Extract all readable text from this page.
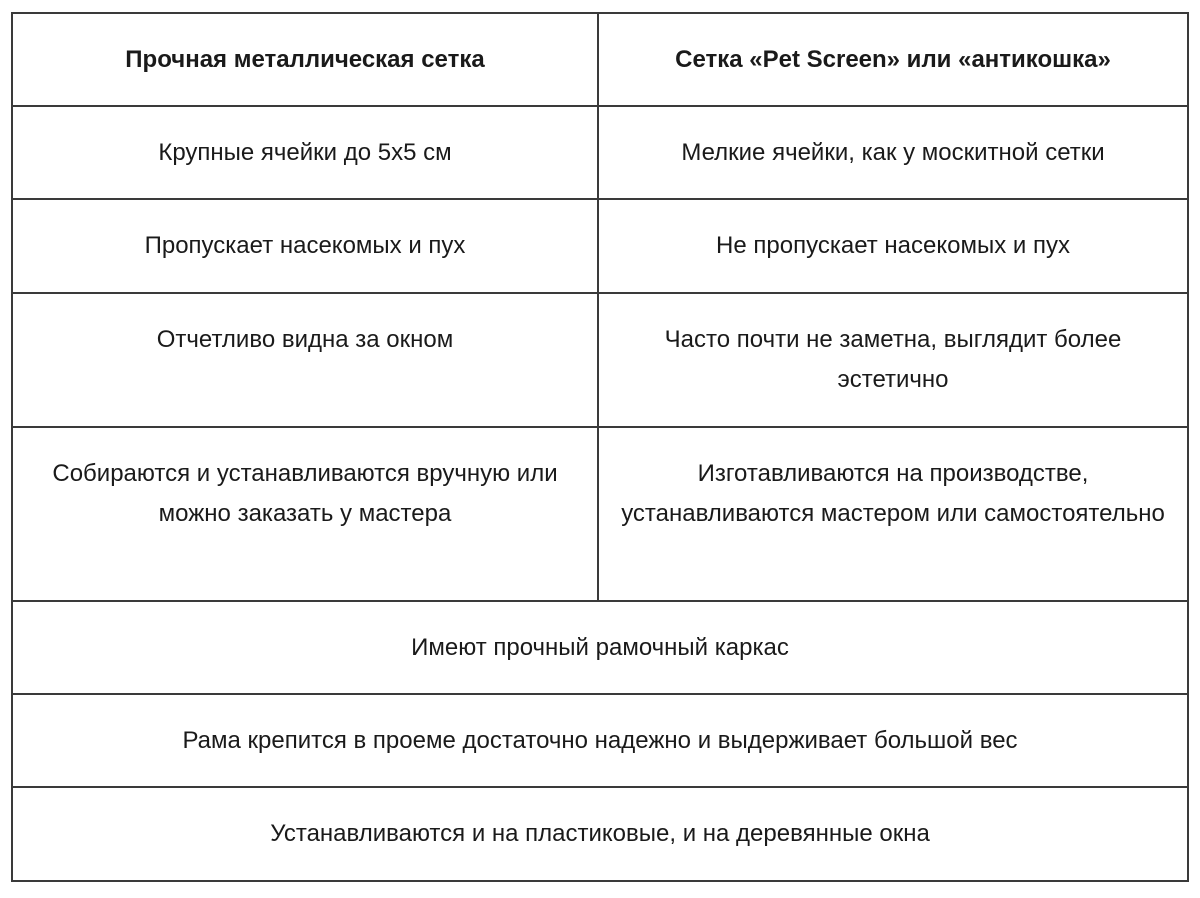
Прочная металлическая сетка	Сетка «Pet Screen» или «антикошка»
Крупные ячейки до 5х5 см	Мелкие ячейки, как у москитной сетки
Пропускает насекомых и пух	Не пропускает насекомых и пух
Отчетливо видна за окном	Часто почти не заметна, выглядит более эстетично
Собираются и устанавливаются вручную или можно заказать у мастера	Изготавливаются на производстве, устанавливаются мастером или самостоятельно
Имеют прочный рамочный каркас	
Рама крепится в проеме достаточно надежно и выдерживает большой вес	
Устанавливаются и на пластиковые, и на деревянные окна	
